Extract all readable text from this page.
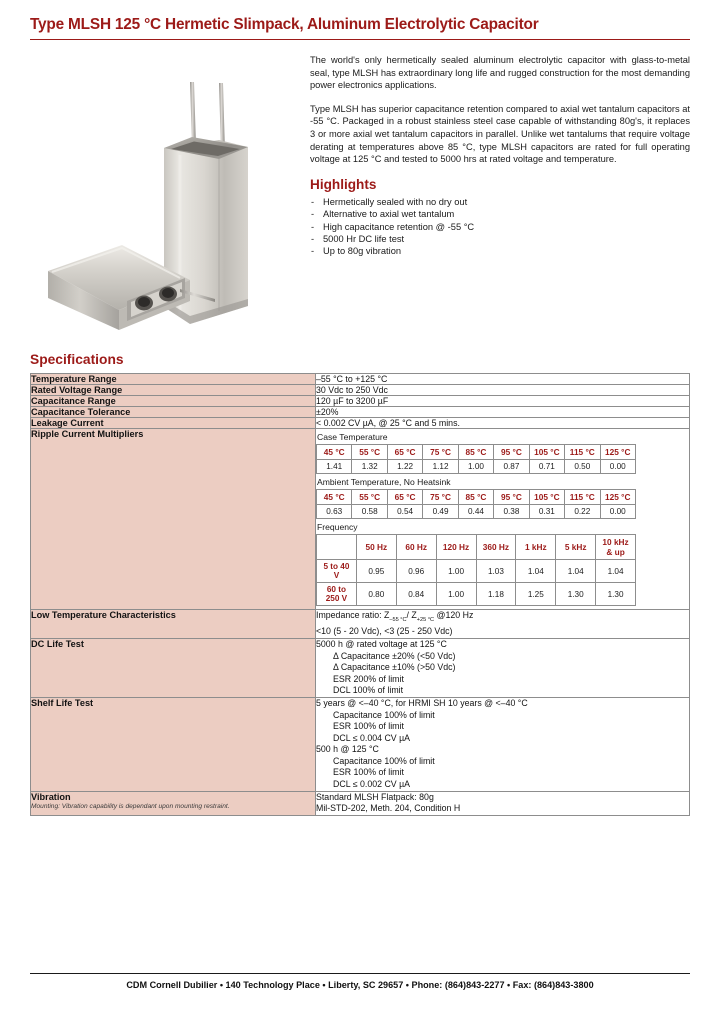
Type MLSH 125 °C Hermetic Slimpack, Aluminum Electrolytic Capacitor

The world's only hermetically sealed aluminum electrolytic capacitor with glass-to-metal seal, type MLSH has extraordinary long life and rugged construction for the most demanding power electronics applications.

Type MLSH has superior capacitance retention compared to axial wet tantalum capacitors at -55 °C. Packaged in a robust stainless steel case capable of withstanding 80g's, it replaces 3 or more axial wet tantalum capacitors in parallel. Unlike wet tantalums that require voltage derating at temperatures above 85 °C, type MLSH capacitors are rated for full operating voltage at 125 °C and tested to 5000 hrs at rated voltage and temperature.

Highlights
- Hermetically sealed with no dry out
- Alternative to axial wet tantalum
- High capacitance retention @ -55 °C
- 5000 Hr DC life test
- Up to 80g vibration
Specifications
Temperature Range	–55 °C to +125 °C
Rated Voltage Range	30 Vdc to 250 Vdc
Capacitance Range	120 µF to 3200 µF
Capacitance Tolerance	±20%
Leakage Current	< 0.002 CV µA, @ 25 °C and 5 mins.
Ripple Current Multipliers	Case Temperature
45 °C	55 °C	65 °C	75 °C	85 °C	95 °C	105 °C	115 °C	125 °C
1.41	1.32	1.22	1.12	1.00	0.87	0.71	0.50	0.00
Ambient Temperature, No Heatsink
45 °C	55 °C	65 °C	75 °C	85 °C	95 °C	105 °C	115 °C	125 °C
0.63	0.58	0.54	0.49	0.44	0.38	0.31	0.22	0.00
Frequency
	50 Hz	60 Hz	120 Hz	360 Hz	1 kHz	5 kHz	10 kHz & up
5 to 40 V	0.95	0.96	1.00	1.03	1.04	1.04	1.04
60 to 250 V	0.80	0.84	1.00	1.18	1.25	1.30	1.30

Low Temperature Characteristics	Impedance ratio: $Z_{-55 ^\circ C}/$ $Z_{+25 ^\circ C}$ @120 Hz
<10 (5 - 20 Vdc), <3 (25 - 250 Vdc)

DC Life Test	5000 h @ rated voltage at 125 °C
Δ Capacitance ±20% (<50 Vdc)
Δ Capacitance ±10% (>50 Vdc)
ESR 200% of limit
DCL 100% of limit

Shelf Life Test	5 years @ <–40 °C, for HRMI SH 10 years @ <–40 °C
Capacitance 100% of limit
ESR 100% of limit
DCL ≤ 0.004 CV µA
500 h @ 125 °C
Capacitance 100% of limit
ESR 100% of limit
DCL ≤ 0.002 CV µA

Vibration
Mounting: Vibration capability is dependant upon mounting restraint.

Standard MLSH Flatpack: 80g
Mil-STD-202, Meth. 204, Condition H
CDM Cornell Dubilier • 140 Technology Place • Liberty, SC 29657 • Phone: (864)843-2277 • Fax: (864)843-3800
